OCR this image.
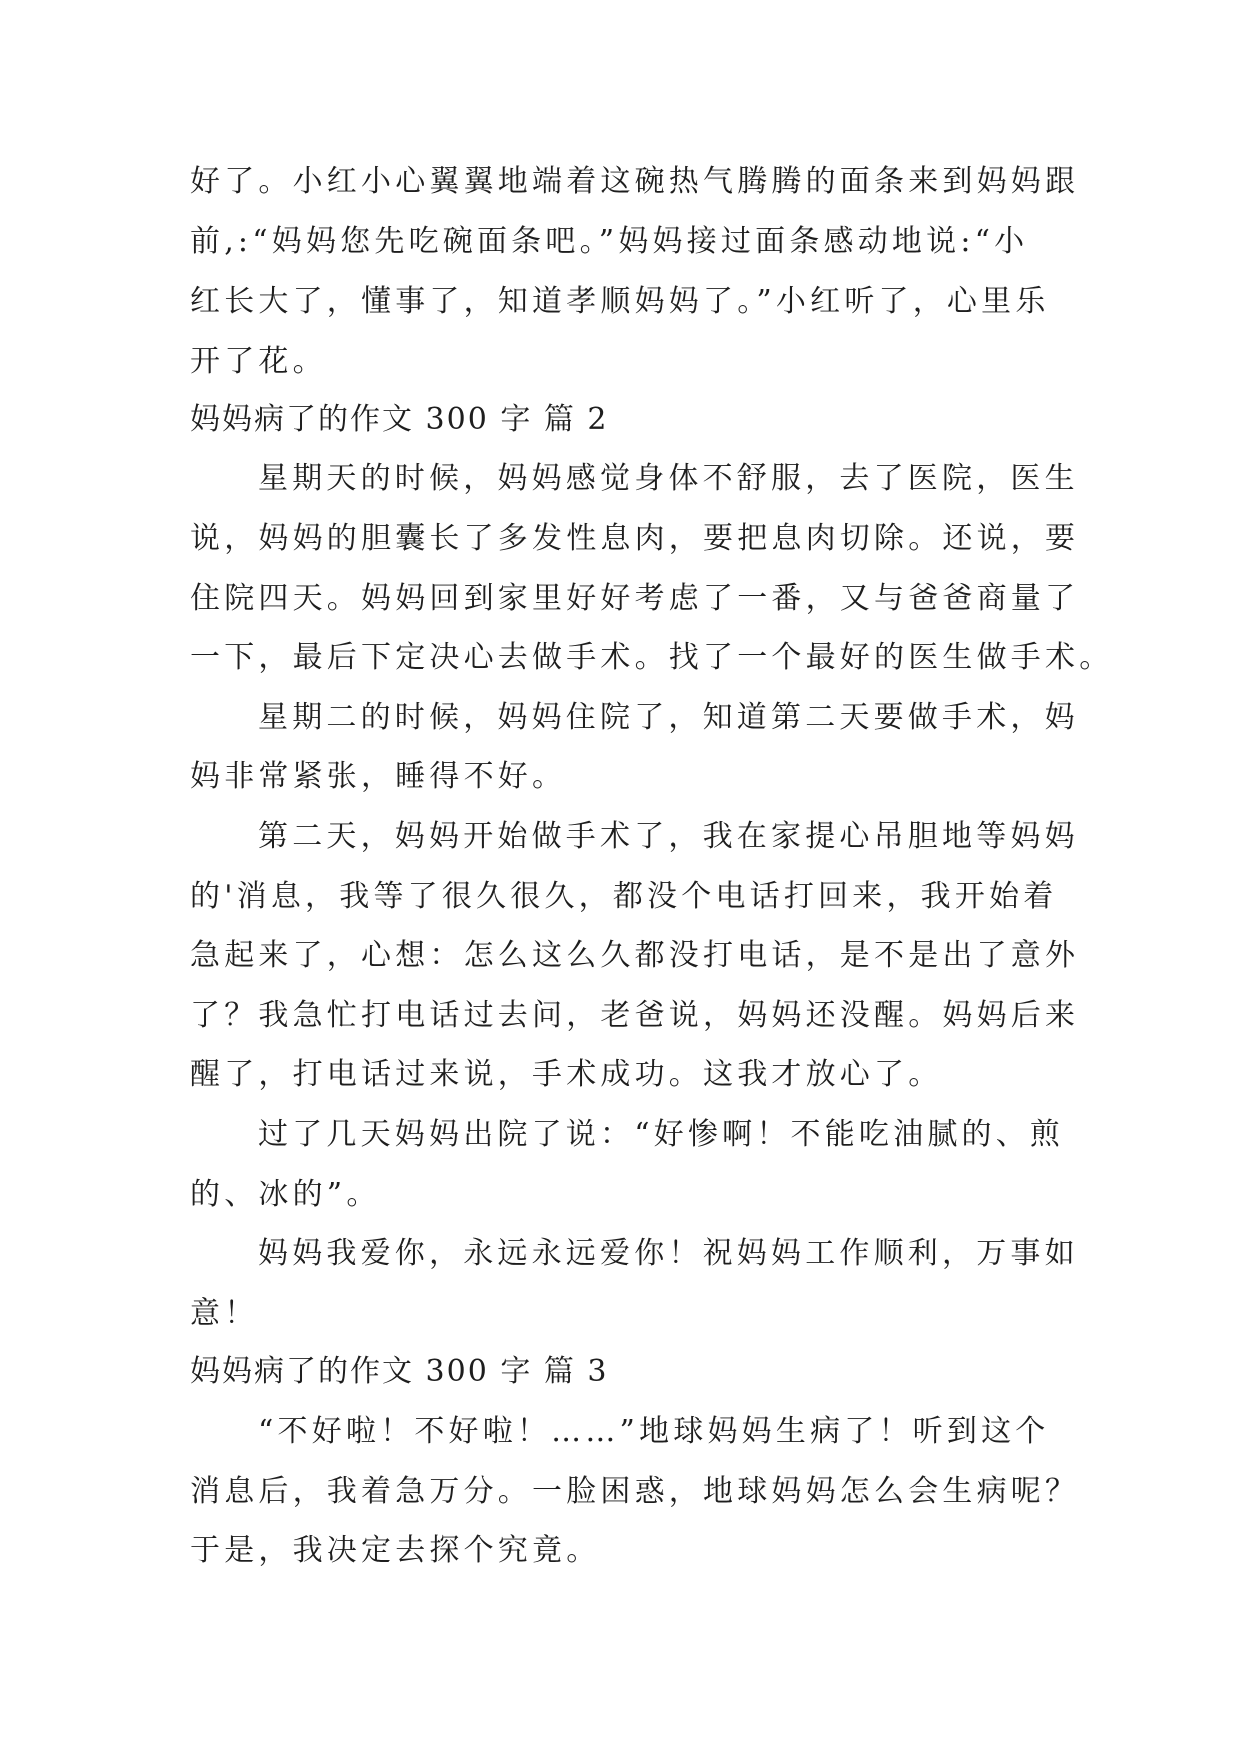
好了。小红小心翼翼地端着这碗热气腾腾的面条来到妈妈跟
前,:“妈妈您先吃碗面条吧。”妈妈接过面条感动地说:“小
红长大了，懂事了，知道孝顺妈妈了。”小红听了，心里乐
开了花。
妈妈病了的作文 300 字 篇 2
星期天的时候，妈妈感觉身体不舒服，去了医院，医生
说，妈妈的胆囊长了多发性息肉，要把息肉切除。还说，要
住院四天。妈妈回到家里好好考虑了一番，又与爸爸商量了
一下，最后下定决心去做手术。找了一个最好的医生做手术。
星期二的时候，妈妈住院了，知道第二天要做手术，妈
妈非常紧张，睡得不好。
第二天，妈妈开始做手术了，我在家提心吊胆地等妈妈
的'消息，我等了很久很久，都没个电话打回来，我开始着
急起来了，心想：怎么这么久都没打电话，是不是出了意外
了？我急忙打电话过去问，老爸说，妈妈还没醒。妈妈后来
醒了，打电话过来说，手术成功。这我才放心了。
过了几天妈妈出院了说：“好惨啊！不能吃油腻的、煎
的、冰的”。
妈妈我爱你，永远永远爱你！祝妈妈工作顺利，万事如
意！
妈妈病了的作文 300 字 篇 3
“不好啦！不好啦！……”地球妈妈生病了！听到这个
消息后，我着急万分。一脸困惑，地球妈妈怎么会生病呢？
于是，我决定去探个究竟。
